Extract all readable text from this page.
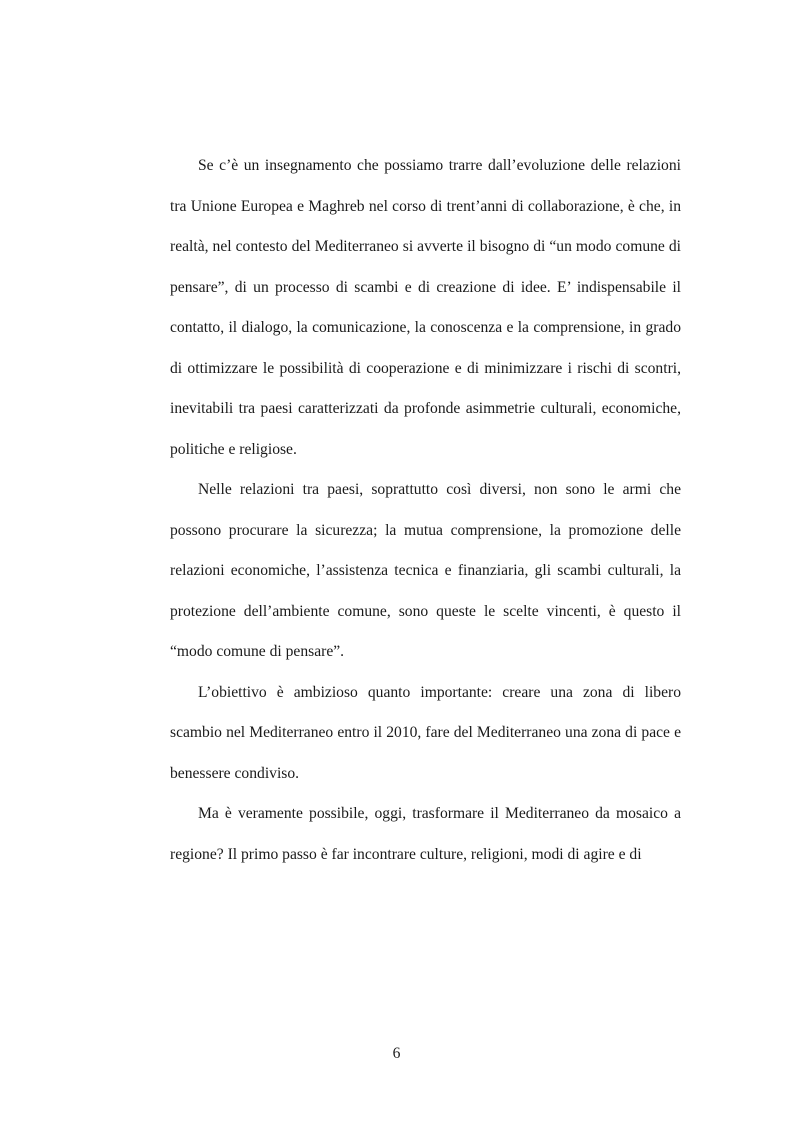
Se c’è un insegnamento che possiamo trarre dall’evoluzione delle relazioni tra Unione Europea e Maghreb nel corso di trent’anni di collaborazione, è che, in realtà, nel contesto del Mediterraneo si avverte il bisogno di “un modo comune di pensare”, di un processo di scambi e di creazione di idee. E’ indispensabile il contatto, il dialogo, la comunicazione, la conoscenza e la comprensione, in grado di ottimizzare le possibilità di cooperazione e di minimizzare i rischi di scontri, inevitabili tra paesi caratterizzati da profonde asimmetrie culturali, economiche, politiche e religiose.

Nelle relazioni tra paesi, soprattutto così diversi, non sono le armi che possono procurare la sicurezza; la mutua comprensione, la promozione delle relazioni economiche, l’assistenza tecnica e finanziaria, gli scambi culturali, la protezione dell’ambiente comune, sono queste le scelte vincenti, è questo il “modo comune di pensare”.

L’obiettivo è ambizioso quanto importante: creare una zona di libero scambio nel Mediterraneo entro il 2010, fare del Mediterraneo una zona di pace e benessere condiviso.

Ma è veramente possibile, oggi, trasformare il Mediterraneo da mosaico a regione? Il primo passo è far incontrare culture, religioni, modi di agire e di

6
